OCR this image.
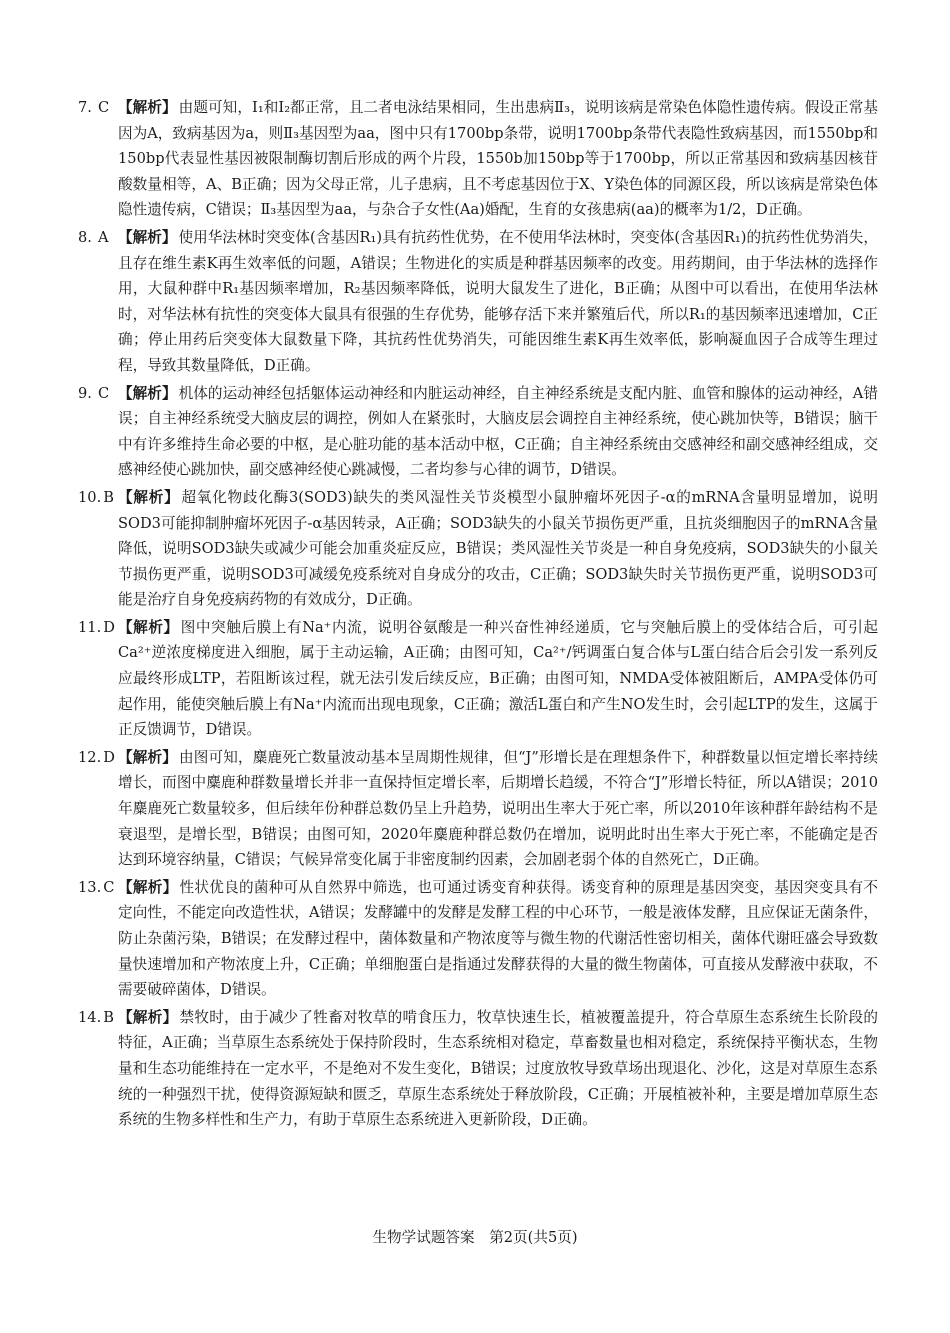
7. C 【解析】 由题可知，Ⅰ₁和Ⅰ₂都正常，且二者电泳结果相同，生出患病Ⅱ₃，说明该病是常染色体隐性遗传病。假设正常基因为A，致病基因为a，则Ⅱ₃基因型为aa，图中只有1700bp条带，说明1700bp条带代表隐性致病基因，而1550bp和150bp代表显性基因被限制酶切割后形成的两个片段，1550b加150bp等于1700bp，所以正常基因和致病基因核苷酸数量相等，A、B正确；因为父母正常，儿子患病，且不考虑基因位于X、Y染色体的同源区段，所以该病是常染色体隐性遗传病，C错误；Ⅱ₃基因型为aa，与杂合子女性(Aa)婚配，生育的女孩患病(aa)的概率为1/2，D正确。
8. A 【解析】 使用华法林时突变体(含基因R₁)具有抗药性优势，在不使用华法林时，突变体(含基因R₁)的抗药性优势消失，且存在维生素K再生效率低的问题，A错误；生物进化的实质是种群基因频率的改变。用药期间，由于华法林的选择作用，大鼠种群中R₁基因频率增加，R₂基因频率降低，说明大鼠发生了进化，B正确；从图中可以看出，在使用华法林时，对华法林有抗性的突变体大鼠具有很强的生存优势，能够存活下来并繁殖后代，所以R₁的基因频率迅速增加，C正确；停止用药后突变体大鼠数量下降，其抗药性优势消失，可能因维生素K再生效率低，影响凝血因子合成等生理过程，导致其数量降低，D正确。
9. C 【解析】 机体的运动神经包括躯体运动神经和内脏运动神经，自主神经系统是支配内脏、血管和腺体的运动神经，A错误；自主神经系统受大脑皮层的调控，例如人在紧张时，大脑皮层会调控自主神经系统，使心跳加快等，B错误；脑干中有许多维持生命必要的中枢，是心脏功能的基本活动中枢，C正确；自主神经系统由交感神经和副交感神经组成，交感神经使心跳加快，副交感神经使心跳减慢，二者均参与心律的调节，D错误。
10. B 【解析】 超氧化物歧化酶3(SOD3)缺失的类风湿性关节炎模型小鼠肿瘤坏死因子-α的mRNA含量明显增加，说明SOD3可能抑制肿瘤坏死因子-α基因转录，A正确；SOD3缺失的小鼠关节损伤更严重，且抗炎细胞因子的mRNA含量降低，说明SOD3缺失或减少可能会加重炎症反应，B错误；类风湿性关节炎是一种自身免疫病，SOD3缺失的小鼠关节损伤更严重，说明SOD3可减缓免疫系统对自身成分的攻击，C正确；SOD3缺失时关节损伤更严重，说明SOD3可能是治疗自身免疫病药物的有效成分，D正确。
11. D 【解析】 图中突触后膜上有Na⁺内流，说明谷氨酸是一种兴奋性神经递质，它与突触后膜上的受体结合后，可引起Ca²⁺逆浓度梯度进入细胞，属于主动运输，A正确；由图可知，Ca²⁺/钙调蛋白复合体与L蛋白结合后会引发一系列反应最终形成LTP，若阻断该过程，就无法引发后续反应，B正确；由图可知，NMDA受体被阻断后，AMPA受体仍可起作用，能使突触后膜上有Na⁺内流而出现电现象，C正确；激活L蛋白和产生NO发生时，会引起LTP的发生，这属于正反馈调节，D错误。
12. D 【解析】 由图可知，麋鹿死亡数量波动基本呈周期性规律，但“J”形增长是在理想条件下，种群数量以恒定增长率持续增长，而图中麋鹿种群数量增长并非一直保持恒定增长率，后期增长趋缓，不符合“J”形增长特征，所以A错误；2010年麋鹿死亡数量较多，但后续年份种群总数仍呈上升趋势，说明出生率大于死亡率，所以2010年该种群年龄结构不是衰退型，是增长型，B错误；由图可知，2020年麋鹿种群总数仍在增加，说明此时出生率大于死亡率，不能确定是否达到环境容纳量，C错误；气候异常变化属于非密度制约因素，会加剧老弱个体的自然死亡，D正确。
13. C 【解析】 性状优良的菌种可从自然界中筛选，也可通过诱变育种获得。诱变育种的原理是基因突变，基因突变具有不定向性，不能定向改造性状，A错误；发酵罐中的发酵是发酵工程的中心环节，一般是液体发酵，且应保证无菌条件，防止杂菌污染，B错误；在发酵过程中，菌体数量和产物浓度等与微生物的代谢活性密切相关，菌体代谢旺盛会导致数量快速增加和产物浓度上升，C正确；单细胞蛋白是指通过发酵获得的大量的微生物菌体，可直接从发酵液中获取，不需要破碎菌体，D错误。
14. B 【解析】 禁牧时，由于减少了牲畜对牧草的啃食压力，牧草快速生长，植被覆盖提升，符合草原生态系统生长阶段的特征，A正确；当草原生态系统处于保持阶段时，生态系统相对稳定，草畜数量也相对稳定，系统保持平衡状态，生物量和生态功能维持在一定水平，不是绝对不发生变化，B错误；过度放牧导致草场出现退化、沙化，这是对草原生态系统的一种强烈干扰，使得资源短缺和匮乏，草原生态系统处于释放阶段，C正确；开展植被补种，主要是增加草原生态系统的生物多样性和生产力，有助于草原生态系统进入更新阶段，D正确。
生物学试题答案　第2页(共5页)
